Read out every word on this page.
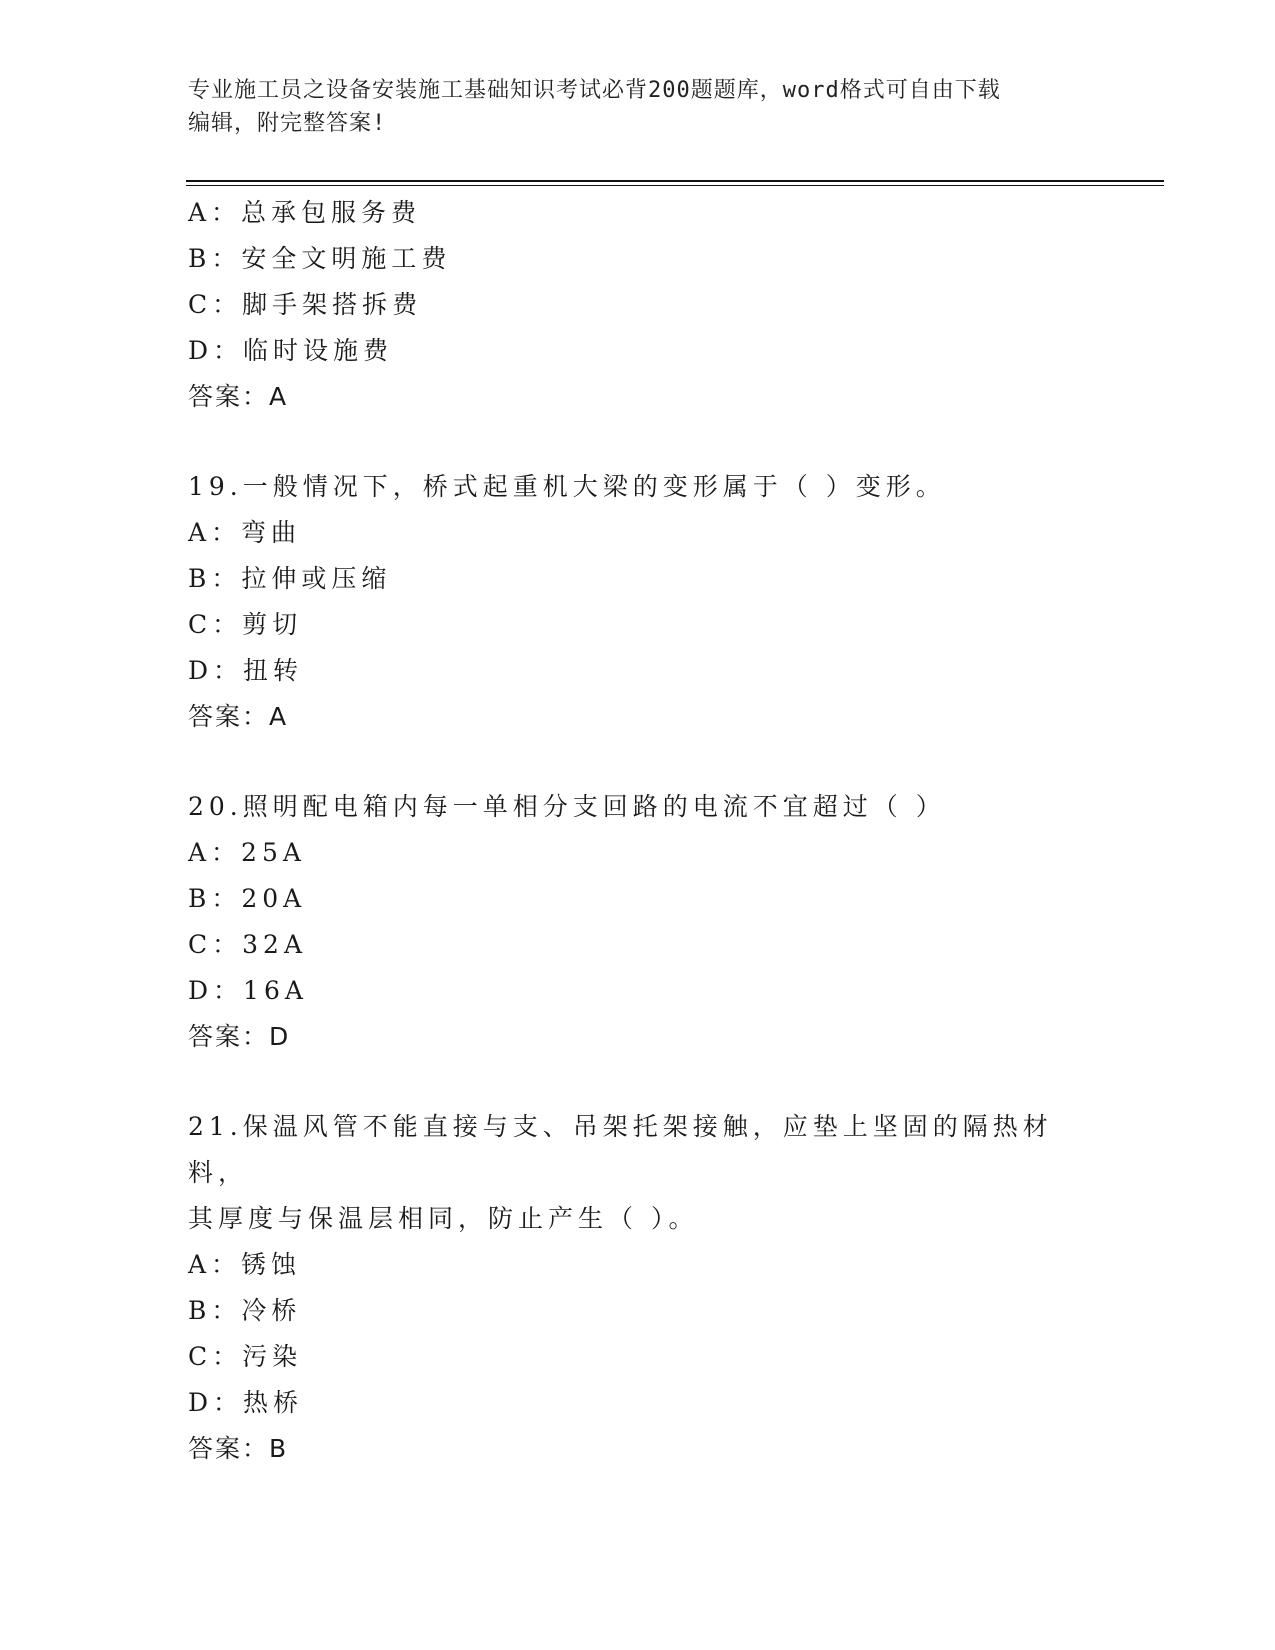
专业施工员之设备安装施工基础知识考试必背200题题库，word格式可自由下载
编辑，附完整答案!
A：总承包服务费
B：安全文明施工费
C：脚手架搭拆费
D：临时设施费
答案：A
19.一般情况下，桥式起重机大梁的变形属于（ ）变形。
A：弯曲
B：拉伸或压缩
C：剪切
D：扭转
答案：A
20.照明配电箱内每一单相分支回路的电流不宜超过（ ）
A：25A
B：20A
C：32A
D：16A
答案：D
21.保温风管不能直接与支、吊架托架接触，应垫上坚固的隔热材料，
其厚度与保温层相同，防止产生（ ）。
A：锈蚀
B：冷桥
C：污染
D：热桥
答案：B
